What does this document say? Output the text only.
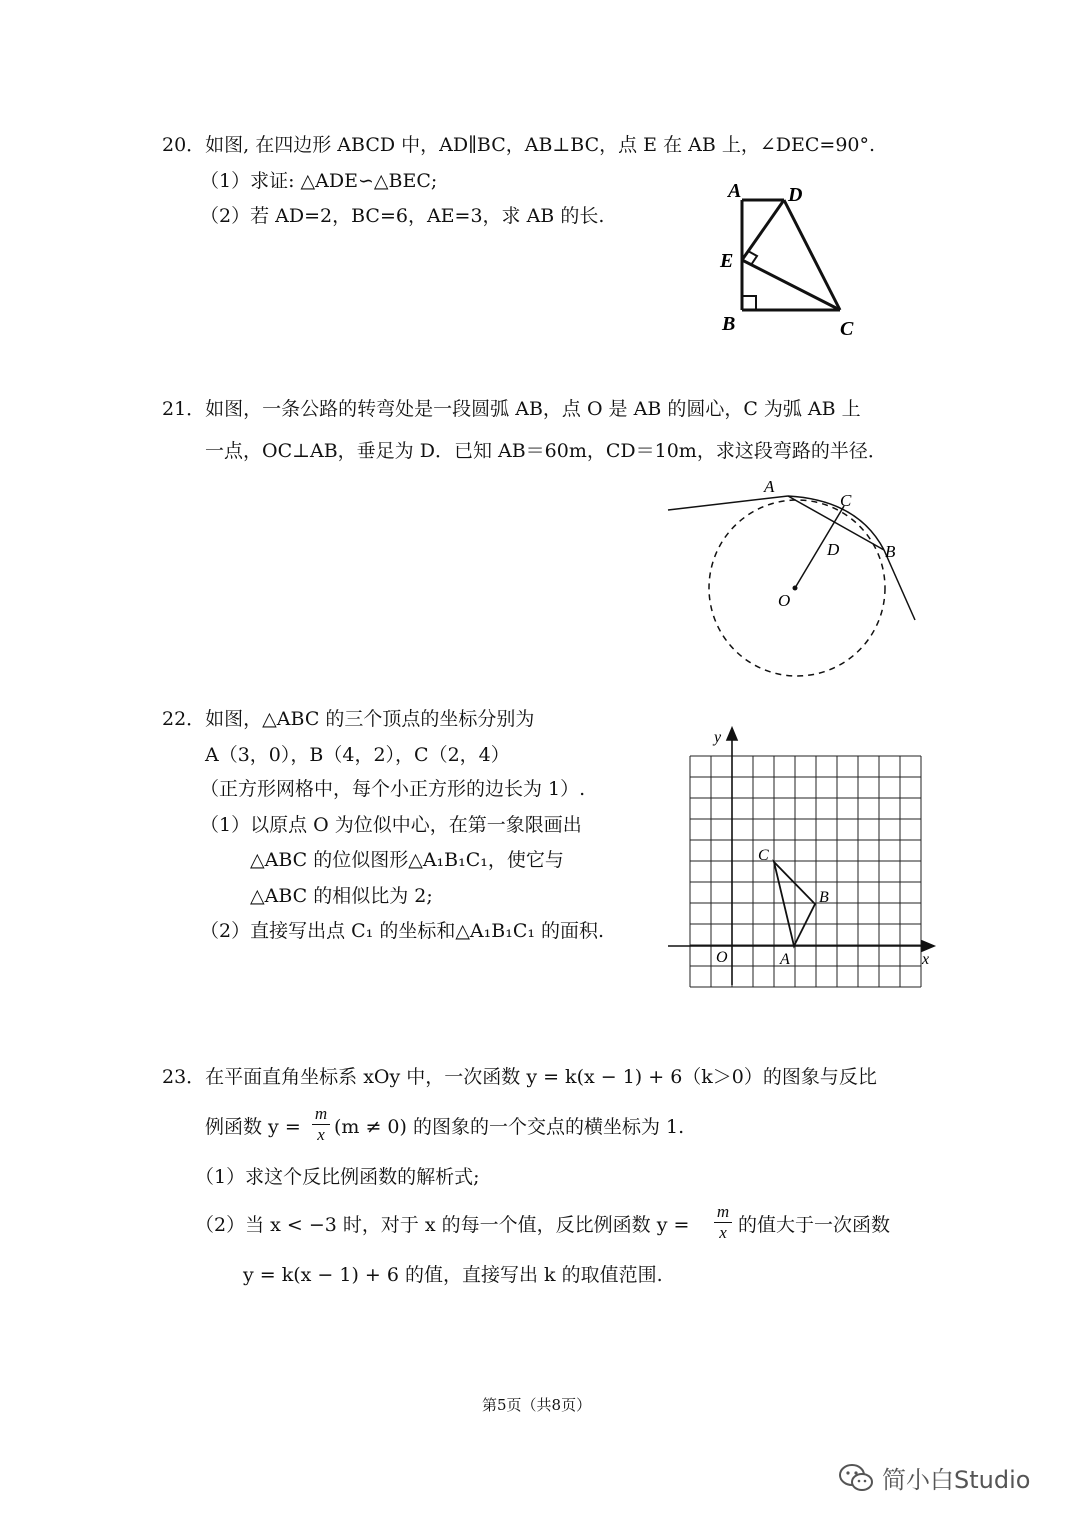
20．如图, 在四边形 ABCD 中，AD∥BC，AB⊥BC，点 E 在 AB 上，∠DEC=90°.
（1）求证: △ADE∽△BEC;
（2）若 AD=2，BC=6，AE=3，求 AB 的长.
A D
E
B	C
21．如图，一条公路的转弯处是一段圆弧 AB，点 O 是 AB 的圆心，C 为弧 AB 上
一点，OC⊥AB，垂足为 D．已知 AB＝60m，CD＝10m，求这段弯路的半径．
A
C
D	B
O
22．如图，△ABC 的三个顶点的坐标分别为
A（3，0），B（4，2），C（2，4）
（正方形网格中，每个小正方形的边长为 1）.
（1）以原点 O 为位似中心，在第一象限画出
△ABC 的位似图形△A₁B₁C₁，使它与
△ABC 的相似比为 2;
（2）直接写出点 C₁ 的坐标和△A₁B₁C₁ 的面积.
y
x
O	A
B
C
23．在平面直角坐标系 xOy 中，一次函数 y = k(x − 1) + 6（k＞0）的图象与反比
例函数 $y = \frac{m}{x} (m \ne 0)$ 的图象的一个交点的横坐标为 1.
（1）求这个反比例函数的解析式;
（2）当 x < −3 时，对于 x 的每一个值，反比例函数 $y = \frac{m}{x}$ 的值大于一次函数
y = k(x − 1) + 6 的值，直接写出 k 的取值范围.
第5页（共8页）
简小白Studio
